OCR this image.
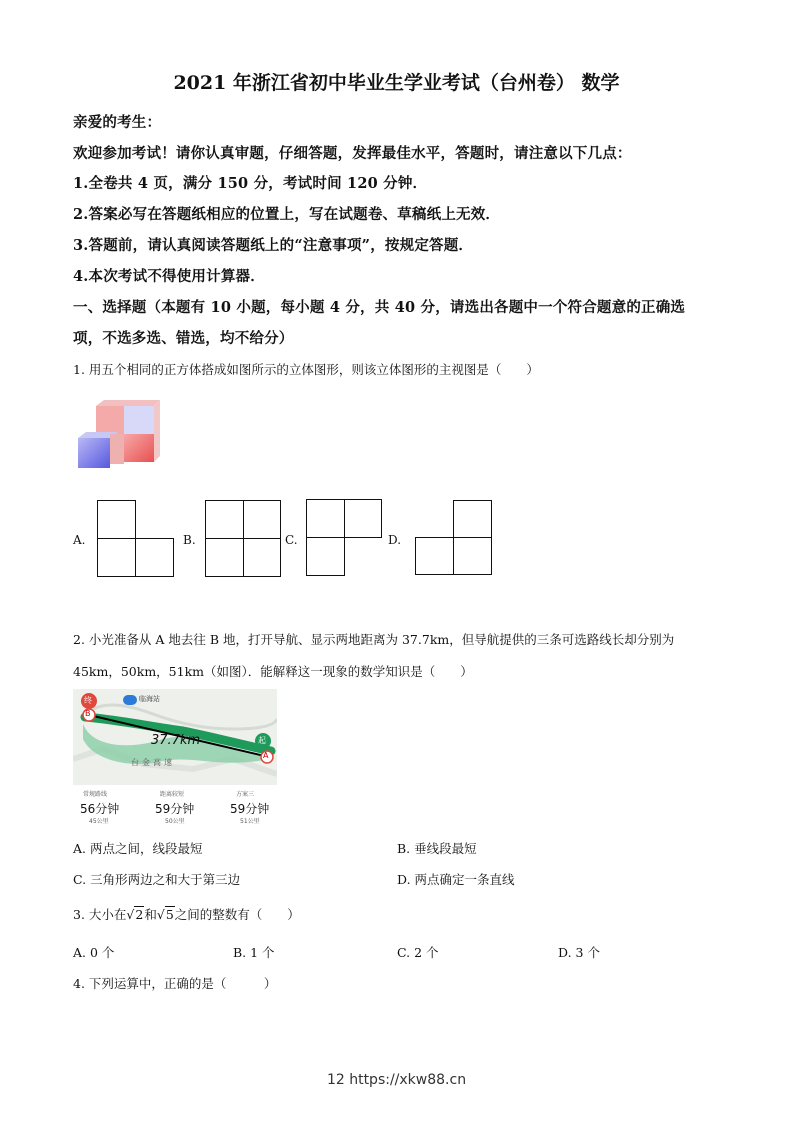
2021 年浙江省初中毕业生学业考试（台州卷） 数学
亲爱的考生：
欢迎参加考试！请你认真审题，仔细答题，发挥最佳水平，答题时，请注意以下几点：
1.全卷共 4 页，满分 150 分，考试时间 120 分钟．
2.答案必写在答题纸相应的位置上，写在试题卷、草稿纸上无效．
3.答题前，请认真阅读答题纸上的“注意事项”，按规定答题．
4.本次考试不得使用计算器．
一、选择题（本题有 10 小题，每小题 4 分，共 40 分，请选出各题中一个符合题意的正确选
项，不选多选、错选，均不给分）
1. 用五个相同的正方体搭成如图所示的立体图形，则该立体图形的主视图是（　　）
A.	B.	C.	D.
2. 小光准备从 A 地去往 B 地，打开导航、显示两地距离为 37.7km，但导航提供的三条可选路线长却分别为
45km，50km，51km（如图）．能解释这一现象的数学知识是（　　）
终
B
起
A
37.7km
台金高速
临海站
常规路线
56分钟
45公里
距离较短
59分钟
50公里
方案三
59分钟
51公里
A. 两点之间，线段最短	B. 垂线段最短
C. 三角形两边之和大于第三边	D. 两点确定一条直线
3. 大小在√2和√5之间的整数有（　　）
A. 0 个	B. 1 个	C. 2 个	D. 3 个
4. 下列运算中，正确的是（　　　）
12 https://xkw88.cn
